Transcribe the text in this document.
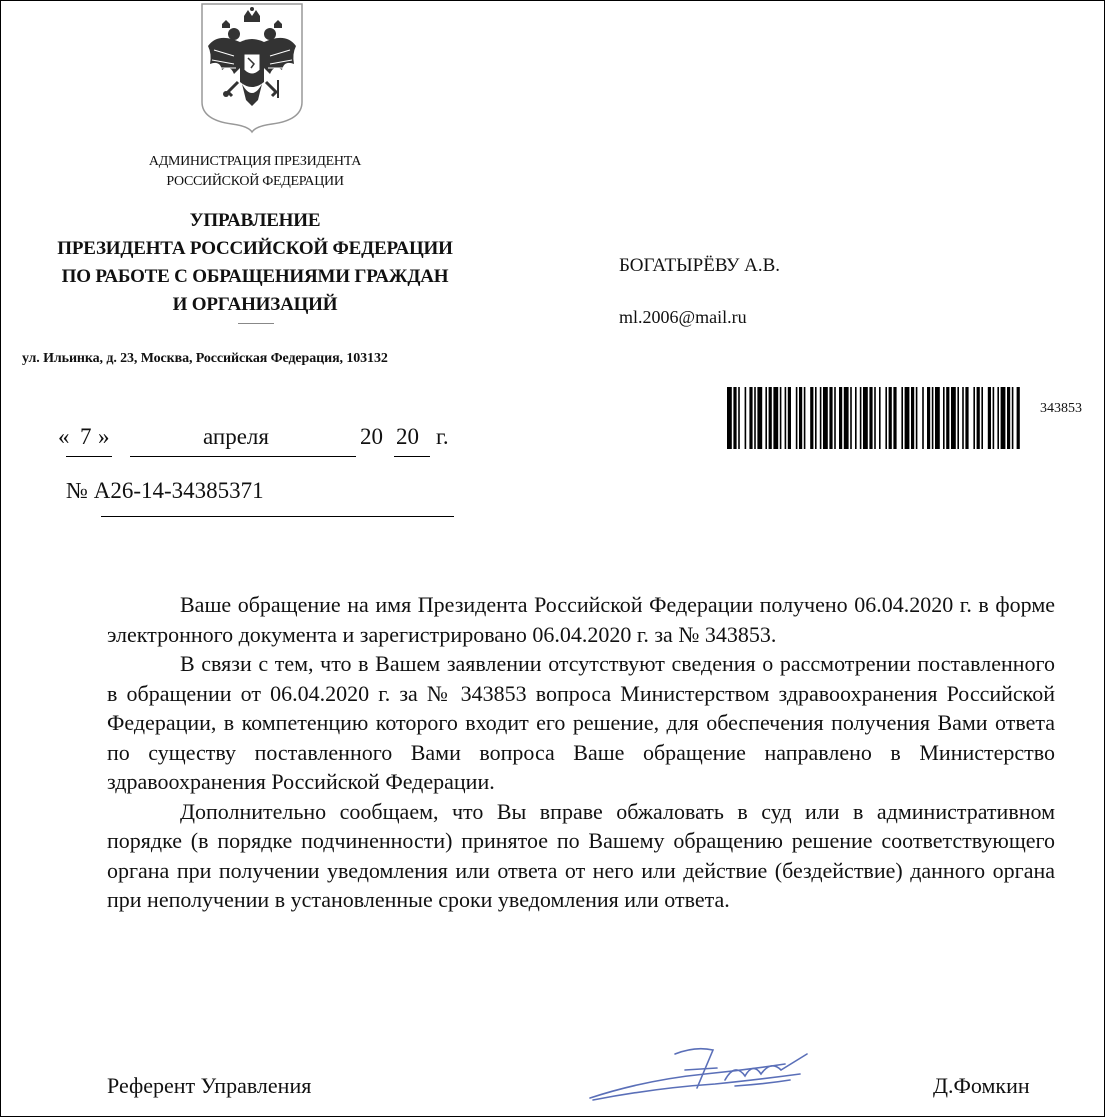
АДМИНИСТРАЦИЯ ПРЕЗИДЕНТА
РОССИЙСКОЙ ФЕДЕРАЦИИ
УПРАВЛЕНИЕ
ПРЕЗИДЕНТА РОССИЙСКОЙ ФЕДЕРАЦИИ
ПО РАБОТЕ С ОБРАЩЕНИЯМИ ГРАЖДАН
И ОРГАНИЗАЦИЙ
ул. Ильинка, д. 23, Москва, Российская Федерация, 103132
БОГАТЫРЁВУ А.В.
ml.2006@mail.ru
343853
« 7 »	апреля	20 20 г.
№ А26-14-34385371

Ваше обращение на имя Президента Российской Федерации получено 06.04.2020 г. в форме электронного документа и зарегистрировано 06.04.2020 г. за № 343853.

В связи с тем, что в Вашем заявлении отсутствуют сведения о рассмотрении поставленного в обращении от 06.04.2020 г. за № 343853 вопроса Министерством здравоохранения Российской Федерации, в компетенцию которого входит его решение, для обеспечения получения Вами ответа по существу поставленного Вами вопроса Ваше обращение направлено в Министерство здравоохранения Российской Федерации.

Дополнительно сообщаем, что Вы вправе обжаловать в суд или в административном порядке (в порядке подчиненности) принятое по Вашему обращению решение соответствующего органа при получении уведомления или ответа от него или действие (бездействие) данного органа при неполучении в установленные сроки уведомления или ответа.

Референт Управления	Д.Фомкин
